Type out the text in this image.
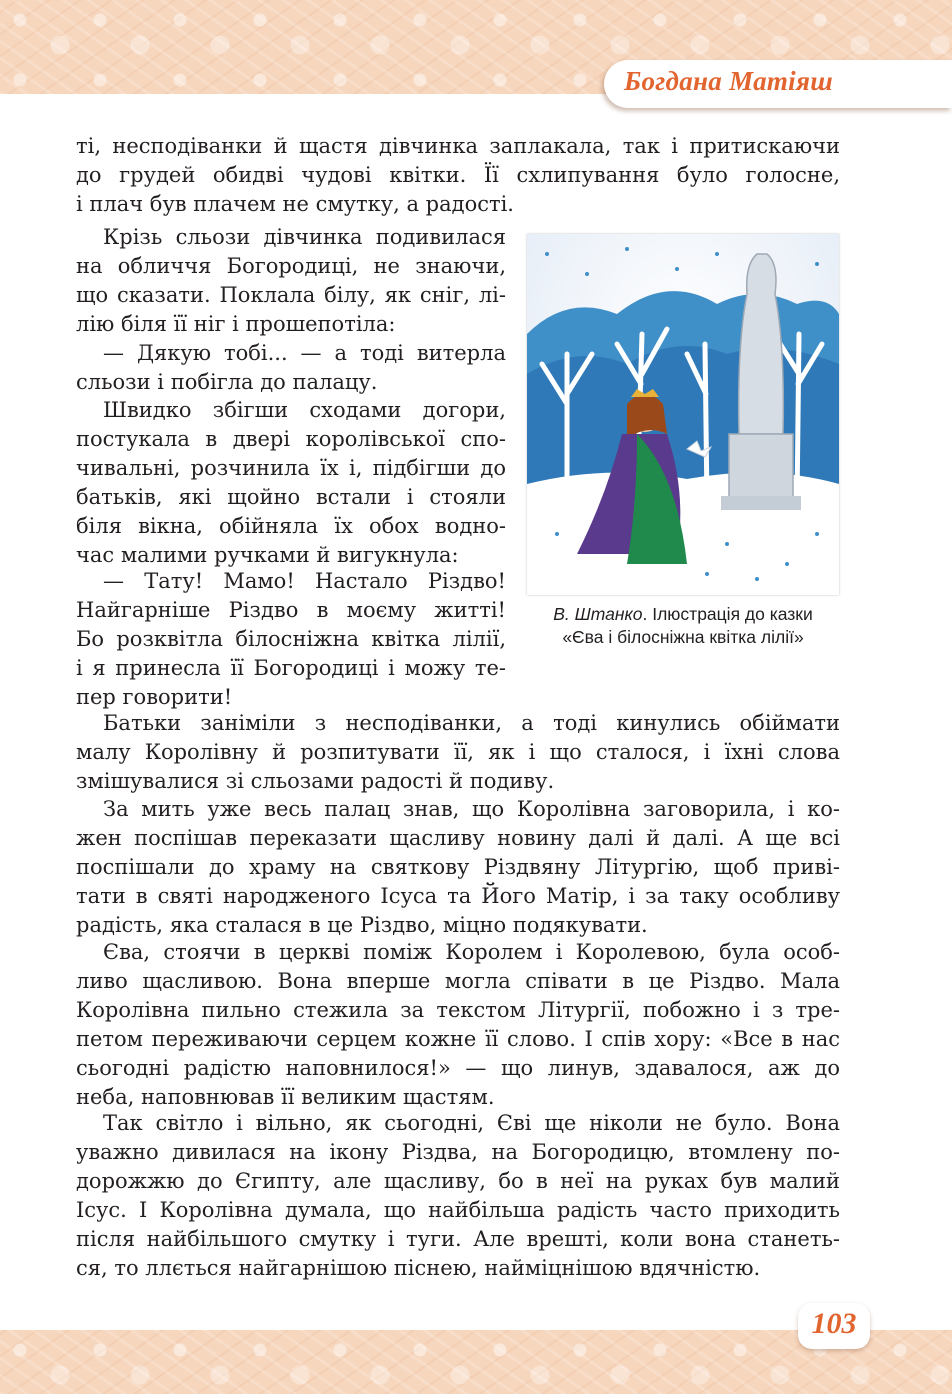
Богдана Матіяш
ті, несподіванки й щастя дівчинка заплакала, так і притискаючи
до грудей обидві чудові квітки. Її схлипування було голосне,
і плач був плачем не смутку, а радості.
Крізь сльози дівчинка подивилася
на обличчя Богородиці, не знаючи,
що сказати. Поклала білу, як сніг, лі-
лію біля її ніг і прошепотіла:
— Дякую тобі... — а тоді витерла
сльози і побігла до палацу.
Швидко збігши сходами догори,
постукала в двері королівської спо-
чивальні, розчинила їх і, підбігши до
батьків, які щойно встали і стояли
біля вікна, обійняла їх обох водно-
час малими ручками й вигукнула:
— Тату! Мамо! Настало Різдво!
Найгарніше Різдво в моєму житті!
Бо розквітла білосніжна квітка лілії,
і я принесла її Богородиці і можу те-
пер говорити!
В. Штанко. Ілюстрація до казки
«Єва і білосніжна квітка лілії»
Батьки заніміли з несподіванки, а тоді кинулись обіймати
малу Королівну й розпитувати її, як і що сталося, і їхні слова
змішувалися зі сльозами радості й подиву.
За мить уже весь палац знав, що Королівна заговорила, і ко-
жен поспішав переказати щасливу новину далі й далі. А ще всі
поспішали до храму на святкову Різдвяну Літургію, щоб приві-
тати в святі народженого Ісуса та Його Матір, і за таку особливу
радість, яка сталася в це Різдво, міцно подякувати.
Єва, стоячи в церкві поміж Королем і Королевою, була особ-
ливо щасливою. Вона вперше могла співати в це Різдво. Мала
Королівна пильно стежила за текстом Літургії, побожно і з тре-
петом переживаючи серцем кожне її слово. І спів хору: «Все в нас
сьогодні радістю наповнилося!» — що линув, здавалося, аж до
неба, наповнював її великим щастям.
Так світло і вільно, як сьогодні, Єві ще ніколи не було. Вона
уважно дивилася на ікону Різдва, на Богородицю, втомлену по-
дорожжю до Єгипту, але щасливу, бо в неї на руках був малий
Ісус. І Королівна думала, що найбільша радість часто приходить
після найбільшого смутку і туги. Але врешті, коли вона станеть-
ся, то ллється найгарнішою піснею, найміцнішою вдячністю.
103
